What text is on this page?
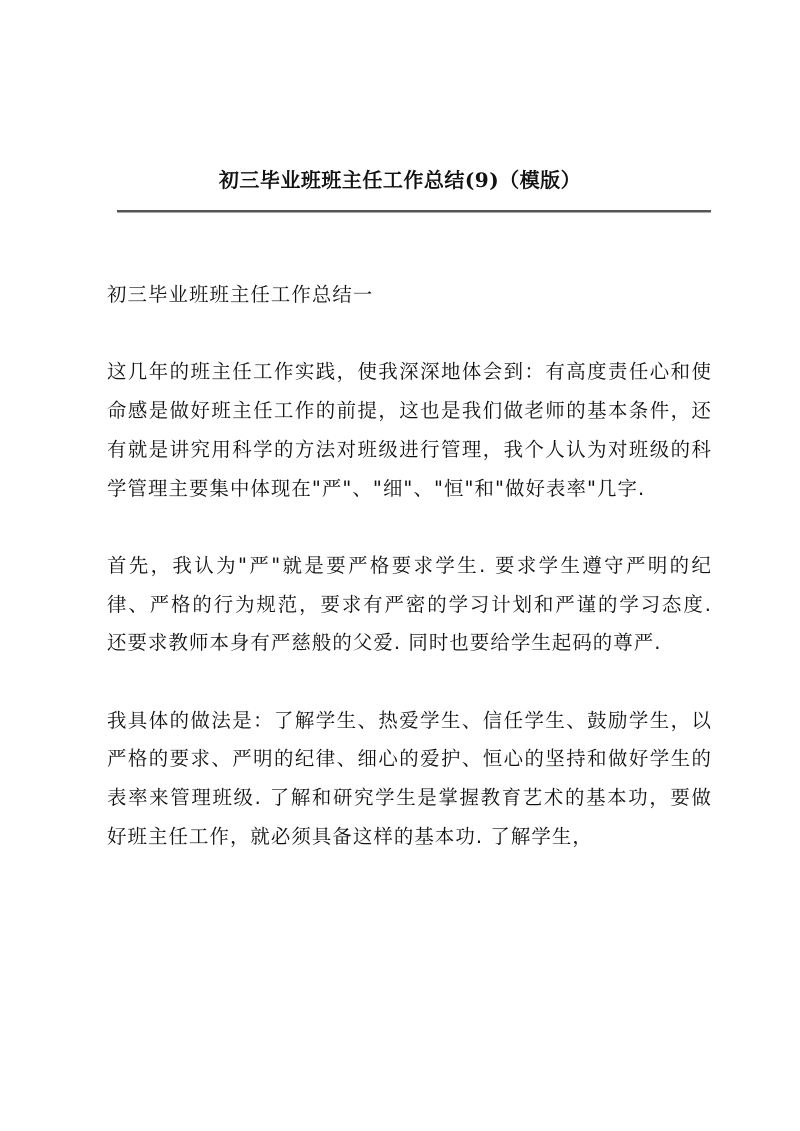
初三毕业班班主任工作总结(9)（模版）

初三毕业班班主任工作总结一

这几年的班主任工作实践，使我深深地体会到：有高度责任心和使命感是做好班主任工作的前提，这也是我们做老师的基本条件，还有就是讲究用科学的方法对班级进行管理，我个人认为对班级的科学管理主要集中体现在"严"、"细"、"恒"和"做好表率"几字.

首先，我认为"严"就是要严格要求学生. 要求学生遵守严明的纪律、严格的行为规范，要求有严密的学习计划和严谨的学习态度. 还要求教师本身有严慈般的父爱. 同时也要给学生起码的尊严.

我具体的做法是：了解学生、热爱学生、信任学生、鼓励学生，以严格的要求、严明的纪律、细心的爱护、恒心的坚持和做好学生的表率来管理班级. 了解和研究学生是掌握教育艺术的基本功，要做好班主任工作，就必须具备这样的基本功. 了解学生，
